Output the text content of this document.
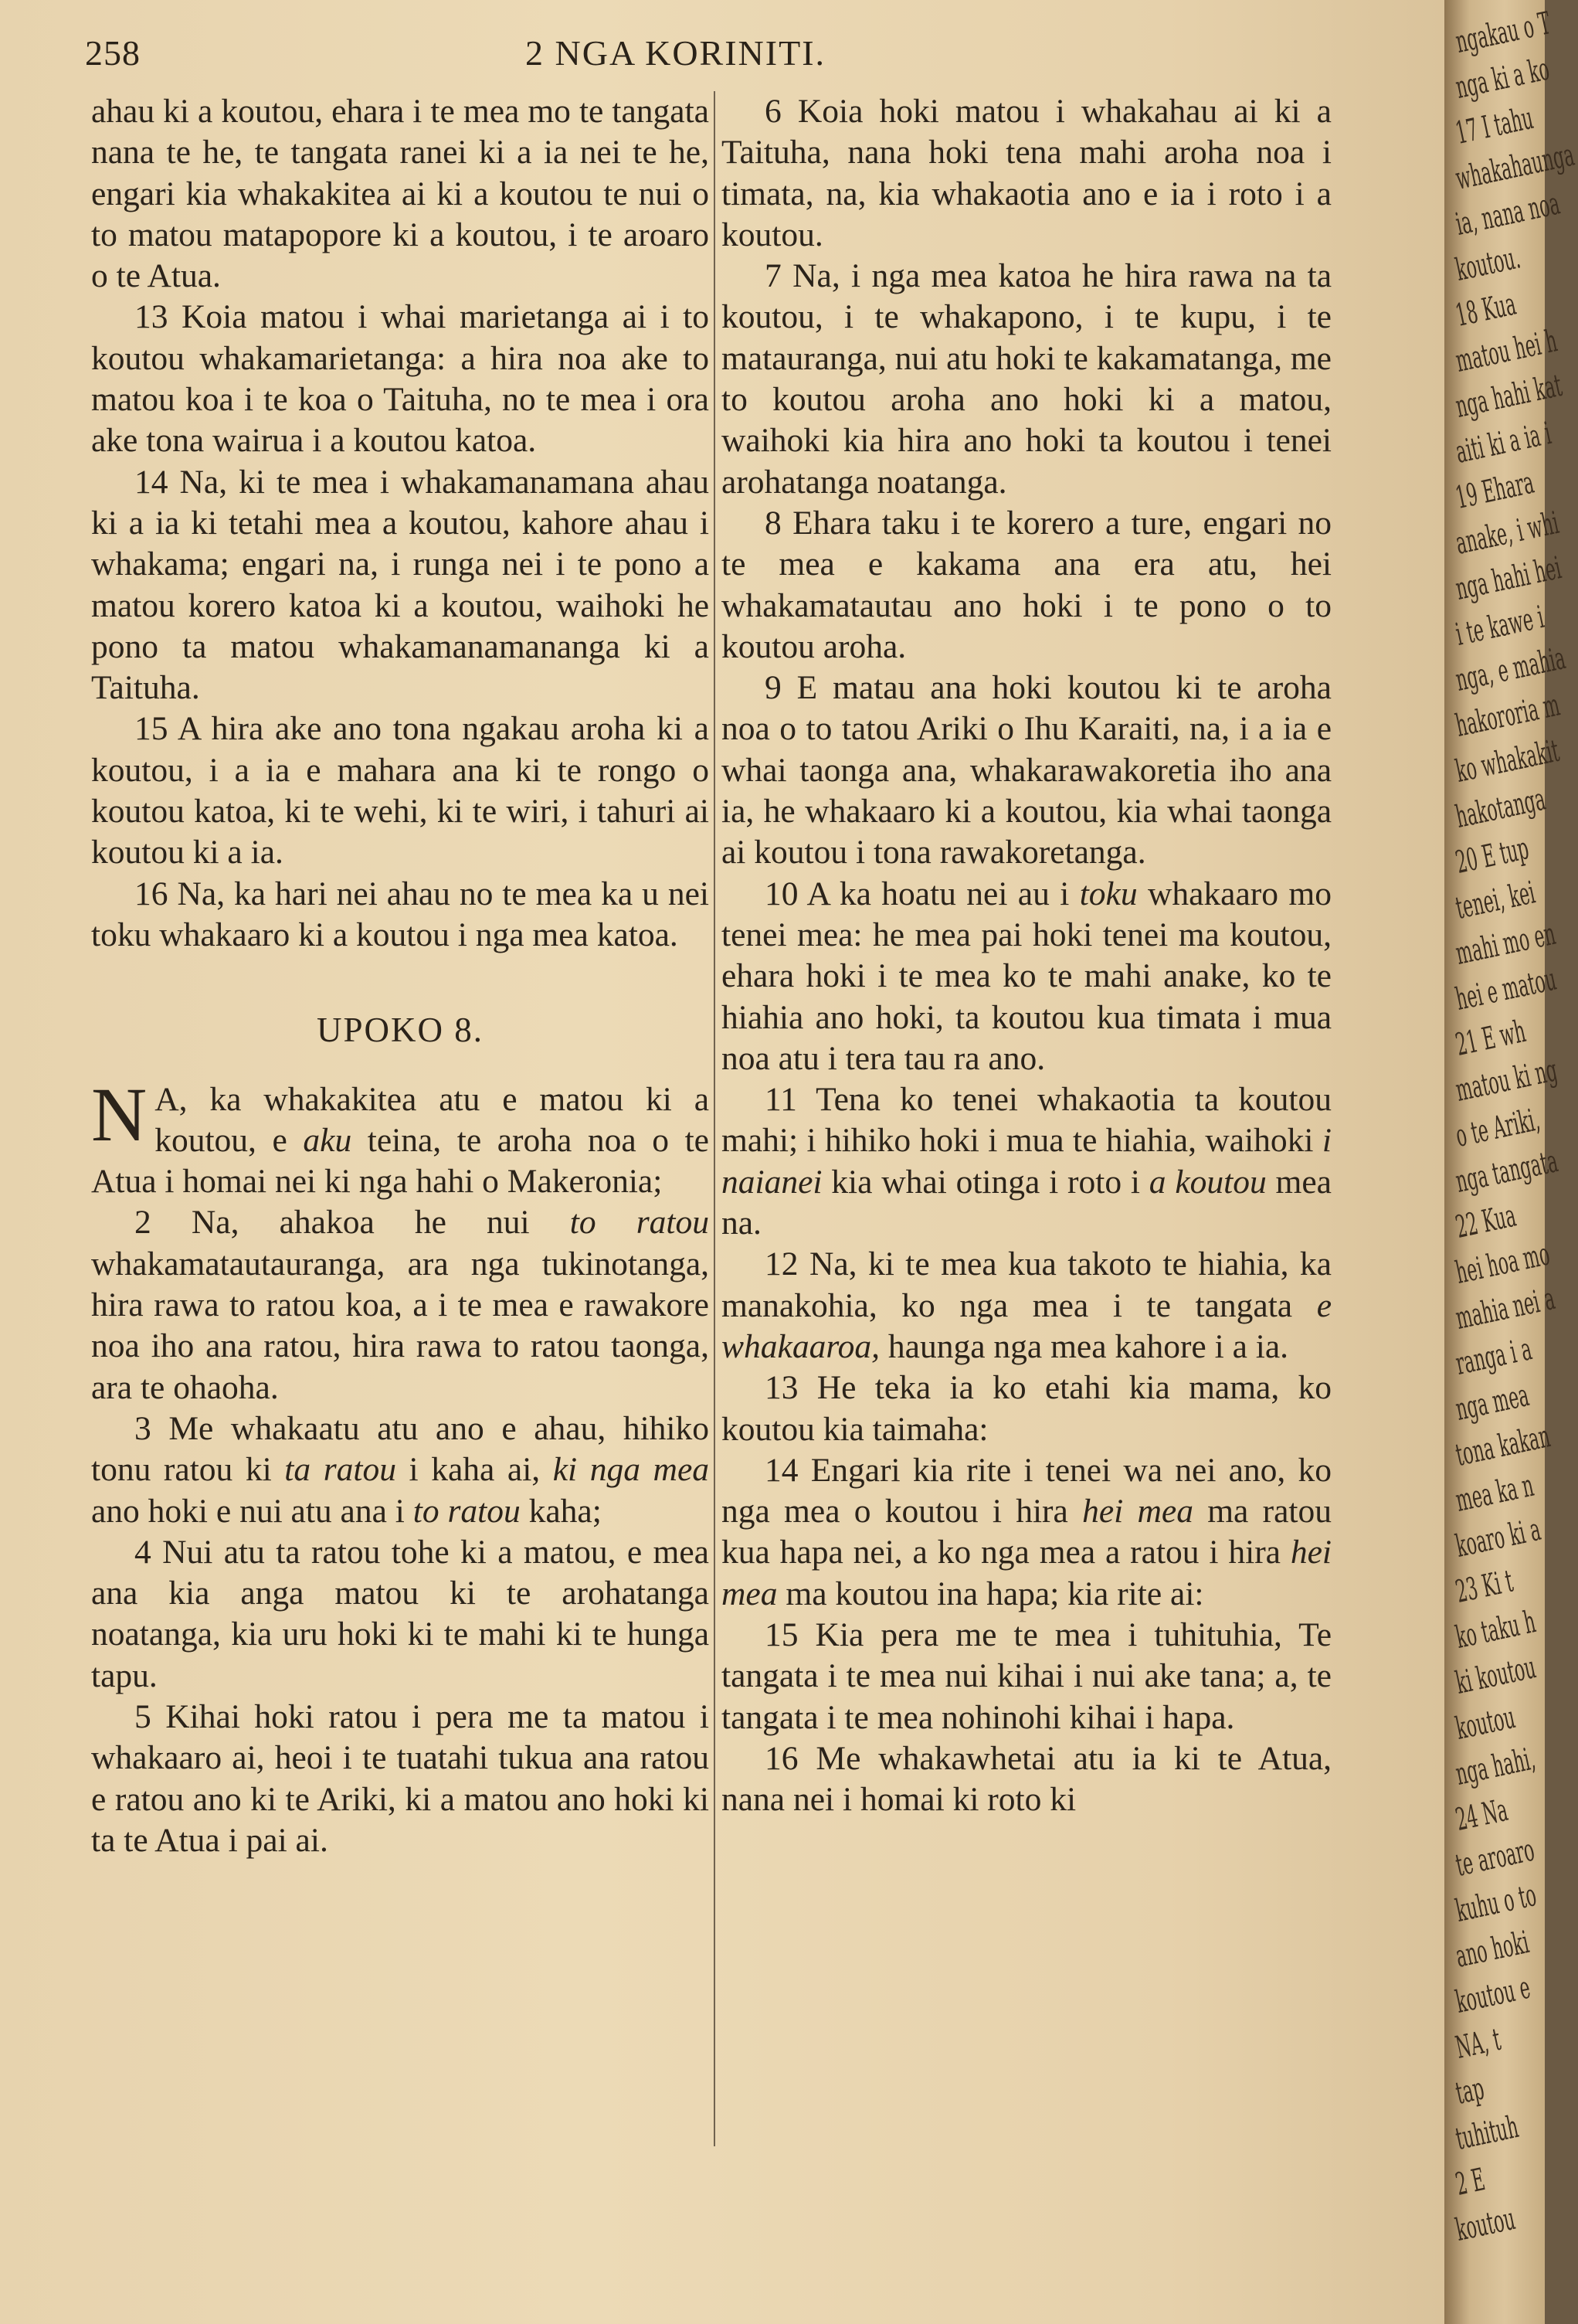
258	2 NGA KORINITI.

ahau ki a koutou, ehara i te mea mo te tangata nana te he, te tangata ranei ki a ia nei te he, engari kia whakakitea ai ki a koutou te nui o to matou matapopore ki a koutou, i te aroaro o te Atua.

13 Koia matou i whai marietanga ai i to koutou whakamarietanga: a hira noa ake to matou koa i te koa o Taituha, no te mea i ora ake tona wairua i a koutou katoa.

14 Na, ki te mea i whakamanamana ahau ki a ia ki tetahi mea a koutou, kahore ahau i whakama; engari na, i runga nei i te pono a matou korero katoa ki a koutou, waihoki he pono ta matou whakamanamananga ki a Taituha.

15 A hira ake ano tona ngakau aroha ki a koutou, i a ia e mahara ana ki te rongo o koutou katoa, ki te wehi, ki te wiri, i tahuri ai koutou ki a ia.

16 Na, ka hari nei ahau no te mea ka u nei toku whakaaro ki a koutou i nga mea katoa.

UPOKO 8.

N A, ka whakakitea atu e matou ki a koutou, e aku teina, te aroha noa o te Atua i homai nei ki nga hahi o Makeronia;

2 Na, ahakoa he nui to ratou whakamatautauranga, ara nga tukinotanga, hira rawa to ratou koa, a i te mea e rawakore noa iho ana ratou, hira rawa to ratou taonga, ara te ohaoha.

3 Me whakaatu atu ano e ahau, hihiko tonu ratou ki ta ratou i kaha ai, ki nga mea ano hoki e nui atu ana i to ratou kaha;

4 Nui atu ta ratou tohe ki a matou, e mea ana kia anga matou ki te arohatanga noatanga, kia uru hoki ki te mahi ki te hunga tapu.

5 Kihai hoki ratou i pera me ta matou i whakaaro ai, heoi i te tuatahi tukua ana ratou e ratou ano ki te Ariki, ki a matou ano hoki ki ta te Atua i pai ai.

6 Koia hoki matou i whakahau ai ki a Taituha, nana hoki tena mahi aroha noa i timata, na, kia whakaotia ano e ia i roto i a koutou.

7 Na, i nga mea katoa he hira rawa na ta koutou, i te whakapono, i te kupu, i te matauranga, nui atu hoki te kakamatanga, me to koutou aroha ano hoki ki a matou, waihoki kia hira ano hoki ta koutou i tenei arohatanga noatanga.

8 Ehara taku i te korero a ture, engari no te mea e kakama ana era atu, hei whakamatautau ano hoki i te pono o to koutou aroha.

9 E matau ana hoki koutou ki te aroha noa o to tatou Ariki o Ihu Karaiti, na, i a ia e whai taonga ana, whakarawakoretia iho ana ia, he whakaaro ki a koutou, kia whai taonga ai koutou i tona rawakoretanga.

10 A ka hoatu nei au i toku whakaaro mo tenei mea: he mea pai hoki tenei ma koutou, ehara hoki i te mea ko te mahi anake, ko te hiahia ano hoki, ta koutou kua timata i mua noa atu i tera tau ra ano.

11 Tena ko tenei whakaotia ta koutou mahi; i hihiko hoki i mua te hiahia, waihoki i naianei kia whai otinga i roto i a koutou mea na.

12 Na, ki te mea kua takoto te hiahia, ka manakohia, ko nga mea i te tangata e whakaaroa, haunga nga mea kahore i a ia.

13 He teka ia ko etahi kia mama, ko koutou kia taimaha:

14 Engari kia rite i tenei wa nei ano, ko nga mea o koutou i hira hei mea ma ratou kua hapa nei, a ko nga mea a ratou i hira hei mea ma koutou ina hapa; kia rite ai:

15 Kia pera me te mea i tuhituhia, Te tangata i te mea nui kihai i nui ake tana; a, te tangata i te mea nohinohi kihai i hapa.

16 Me whakawhetai atu ia ki te Atua, nana nei i homai ki roto ki

ngakau o T
nga ki a ko
17 I tahu
whakahaunga
ia, nana noa
koutou.
18 Kua
matou hei h
nga hahi kat
aiti ki a ia i
19 Ehara
anake, i whi
nga hahi hei
i te kawe i
nga, e mahia
hakororia m
ko whakakit
hakotanga
20 E tup
tenei, kei
mahi mo en
hei e matou
21 E wh
matou ki ng
o te Ariki,
nga tangata
22 Kua
hei hoa mo
mahia nei a
ranga i a
nga mea
tona kakan
mea ka n
koaro ki a
23 Ki t
ko taku h
ki koutou
koutou
nga hahi,
24 Na
te aroaro
kuhu o to
ano hoki
koutou e
NA, t
tap
tuhituh
2 E
koutou
